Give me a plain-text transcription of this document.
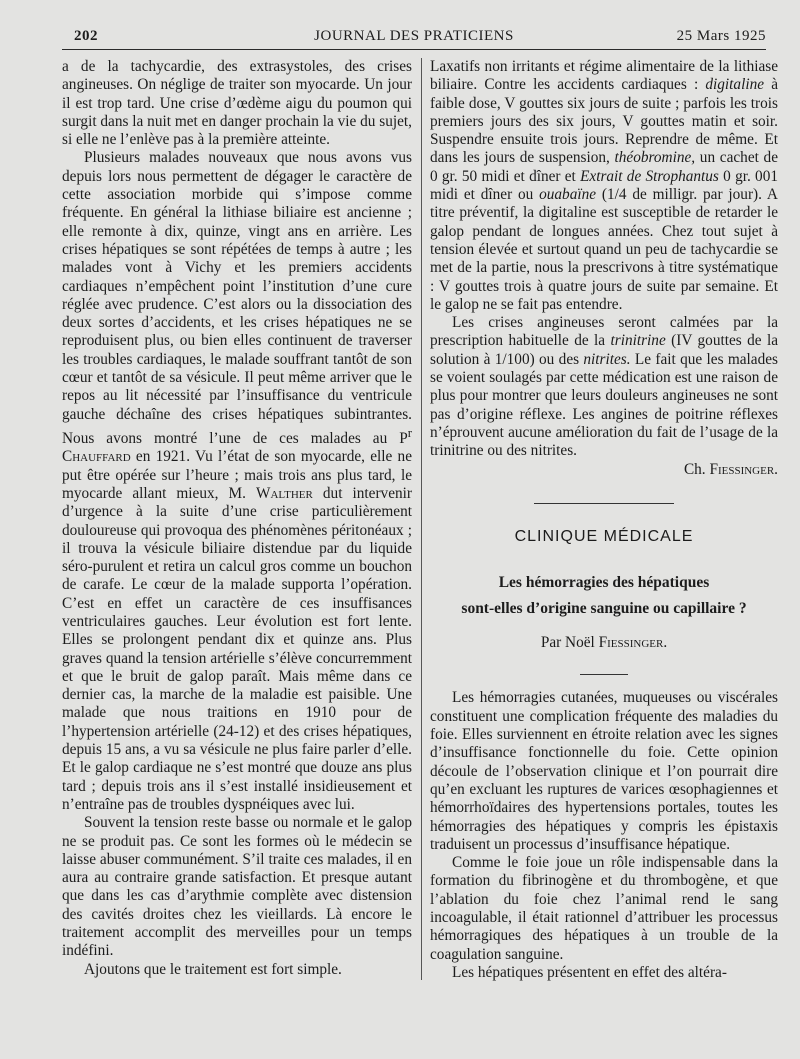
202	JOURNAL DES PRATICIENS	25 Mars 1925

a de la tachycardie, des extrasystoles, des crises angineuses. On néglige de traiter son myocarde. Un jour il est trop tard. Une crise d’œdème aigu du poumon qui surgit dans la nuit met en danger prochain la vie du sujet, si elle ne l’enlève pas à la première atteinte.

Plusieurs malades nouveaux que nous avons vus depuis lors nous permettent de dégager le caractère de cette association morbide qui s’impose comme fréquente. En général la lithiase biliaire est ancienne ; elle remonte à dix, quinze, vingt ans en arrière. Les crises hépatiques se sont répétées de temps à autre ; les malades vont à Vichy et les premiers accidents cardiaques n’empêchent point l’institution d’une cure réglée avec prudence. C’est alors ou la dissociation des deux sortes d’accidents, et les crises hépatiques ne se reproduisent plus, ou bien elles continuent de traverser les troubles cardiaques, le malade souffrant tantôt de son cœur et tantôt de sa vésicule. Il peut même arriver que le repos au lit nécessité par l’insuffisance du ventricule gauche déchaîne des crises hépatiques subintrantes. Nous avons montré l’une de ces malades au $P^r$ Chauffard en 1921. Vu l’état de son myocarde, elle ne put être opérée sur l’heure ; mais trois ans plus tard, le myocarde allant mieux, M. Walther dut intervenir d’urgence à la suite d’une crise particulièrement douloureuse qui provoqua des phénomènes péritonéaux ; il trouva la vésicule biliaire distendue par du liquide séro-purulent et retira un calcul gros comme un bouchon de carafe. Le cœur de la malade supporta l’opération. C’est en effet un caractère de ces insuffisances ventriculaires gauches. Leur évolution est fort lente. Elles se prolongent pendant dix et quinze ans. Plus graves quand la tension artérielle s’élève concurremment et que le bruit de galop paraît. Mais même dans ce dernier cas, la marche de la maladie est paisible. Une malade que nous traitions en 1910 pour de l’hypertension artérielle (24-12) et des crises hépatiques, depuis 15 ans, a vu sa vésicule ne plus faire parler d’elle. Et le galop cardiaque ne s’est montré que douze ans plus tard ; depuis trois ans il s’est installé insidieusement et n’entraîne pas de troubles dyspnéiques avec lui.

Souvent la tension reste basse ou normale et le galop ne se produit pas. Ce sont les formes où le médecin se laisse abuser communément. S’il traite ces malades, il en aura au contraire grande satisfaction. Et presque autant que dans les cas d’arythmie complète avec distension des cavités droites chez les vieillards. Là encore le traitement accomplit des merveilles pour un temps indéfini.

Ajoutons que le traitement est fort simple.

Laxatifs non irritants et régime alimentaire de la lithiase biliaire. Contre les accidents cardiaques : digitaline à faible dose, V gouttes six jours de suite ; parfois les trois premiers jours des six jours, V gouttes matin et soir. Suspendre ensuite trois jours. Reprendre de même. Et dans les jours de suspension, théobromine, un cachet de 0 gr. 50 midi et dîner et Extrait de Strophantus 0 gr. 001 midi et dîner ou ouabaïne (1/4 de milligr. par jour). A titre préventif, la digitaline est susceptible de retarder le galop pendant de longues années. Chez tout sujet à tension élevée et surtout quand un peu de tachycardie se met de la partie, nous la prescrivons à titre systématique : V gouttes trois à quatre jours de suite par semaine. Et le galop ne se fait pas entendre.

Les crises angineuses seront calmées par la prescription habituelle de la trinitrine (IV gouttes de la solution à 1/100) ou des nitrites. Le fait que les malades se voient soulagés par cette médication est une raison de plus pour montrer que leurs douleurs angineuses ne sont pas d’origine réflexe. Les angines de poitrine réflexes n’éprouvent aucune amélioration du fait de l’usage de la trinitrine ou des nitrites.

Ch. Fiessinger.

CLINIQUE MÉDICALE
Les hémorragies des hépatiques
sont-elles d’origine sanguine ou capillaire ?
Par Noël Fiessinger.

Les hémorragies cutanées, muqueuses ou viscérales constituent une complication fréquente des maladies du foie. Elles surviennent en étroite relation avec les signes d’insuffisance fonctionnelle du foie. Cette opinion découle de l’observation clinique et l’on pourrait dire qu’en excluant les ruptures de varices œsophagiennes et hémorrhoïdaires des hypertensions portales, toutes les hémorragies des hépatiques y compris les épistaxis traduisent un processus d’insuffisance hépatique.

Comme le foie joue un rôle indispensable dans la formation du fibrinogène et du thrombogène, et que l’ablation du foie chez l’animal rend le sang incoagulable, il était rationnel d’attribuer les processus hémorragiques des hépatiques à un trouble de la coagulation sanguine.

Les hépatiques présentent en effet des altéra-
